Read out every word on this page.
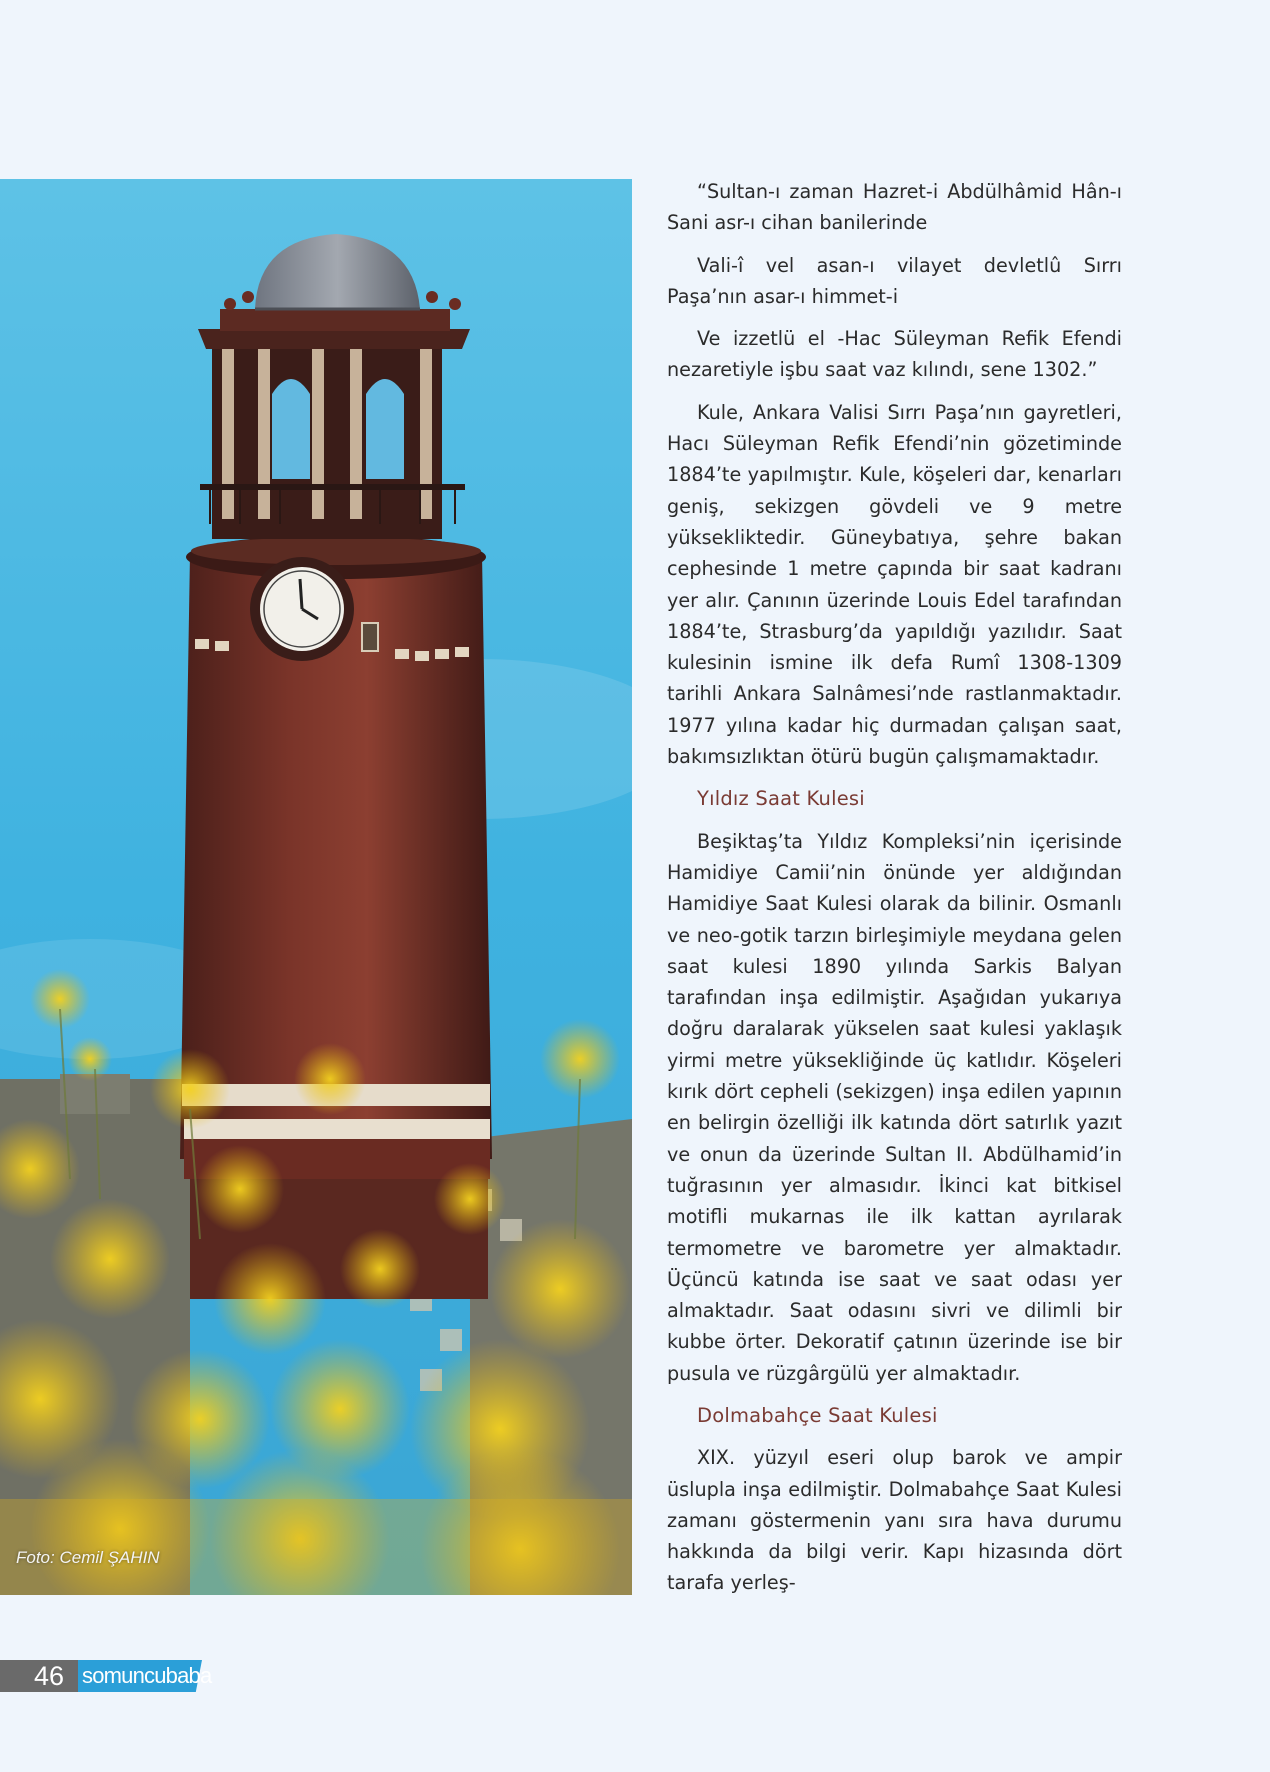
Foto: Cemil ŞAHIN

“Sultan-ı zaman Hazret-i Abdülhâmid Hân-ı Sani asr-ı cihan banilerinde

Vali-î vel asan-ı vilayet devletlû Sırrı Paşa’nın asar-ı himmet-i

Ve izzetlü el -Hac Süleyman Refik Efendi nezaretiyle işbu saat vaz kılındı, sene 1302.”

Kule, Ankara Valisi Sırrı Paşa’nın gayretleri, Hacı Süleyman Refik Efendi’nin gözetiminde 1884’te yapılmıştır. Kule, köşeleri dar, kenarları geniş, sekizgen gövdeli ve 9 metre yüksekliktedir. Güneybatıya, şehre bakan cephesinde 1 metre çapında bir saat kadranı yer alır. Çanının üzerinde Louis Edel tarafından 1884’te, Strasburg’da yapıldığı yazılıdır. Saat kulesinin ismine ilk defa Rumî 1308-1309 tarihli Ankara Salnâmesi’nde rastlanmaktadır. 1977 yılına kadar hiç durmadan çalışan saat, bakımsızlıktan ötürü bugün çalışmamaktadır.

Yıldız Saat Kulesi

Beşiktaş’ta Yıldız Kompleksi’nin içerisinde Hamidiye Camii’nin önünde yer aldığından Hamidiye Saat Kulesi olarak da bilinir. Osmanlı ve neo-gotik tarzın birleşimiyle meydana gelen saat kulesi 1890 yılında Sarkis Balyan tarafından inşa edilmiştir. Aşağıdan yukarıya doğru daralarak yükselen saat kulesi yaklaşık yirmi metre yüksekliğinde üç katlıdır. Köşeleri kırık dört cepheli (sekizgen) inşa edilen yapının en belirgin özelliği ilk katında dört satırlık yazıt ve onun da üzerinde Sultan II. Abdülhamid’in tuğrasının yer almasıdır. İkinci kat bitkisel motifli mukarnas ile ilk kattan ayrılarak termometre ve barometre yer almaktadır. Üçüncü katında ise saat ve saat odası yer almaktadır. Saat odasını sivri ve dilimli bir kubbe örter. Dekoratif çatının üzerinde ise bir pusula ve rüzgârgülü yer almaktadır.

Dolmabahçe Saat Kulesi

XIX. yüzyıl eseri olup barok ve ampir üslupla inşa edilmiştir. Dolmabahçe Saat Kulesi zamanı göstermenin yanı sıra hava durumu hakkında da bilgi verir. Kapı hizasında dört tarafa yerleş-

46 somuncubaba
